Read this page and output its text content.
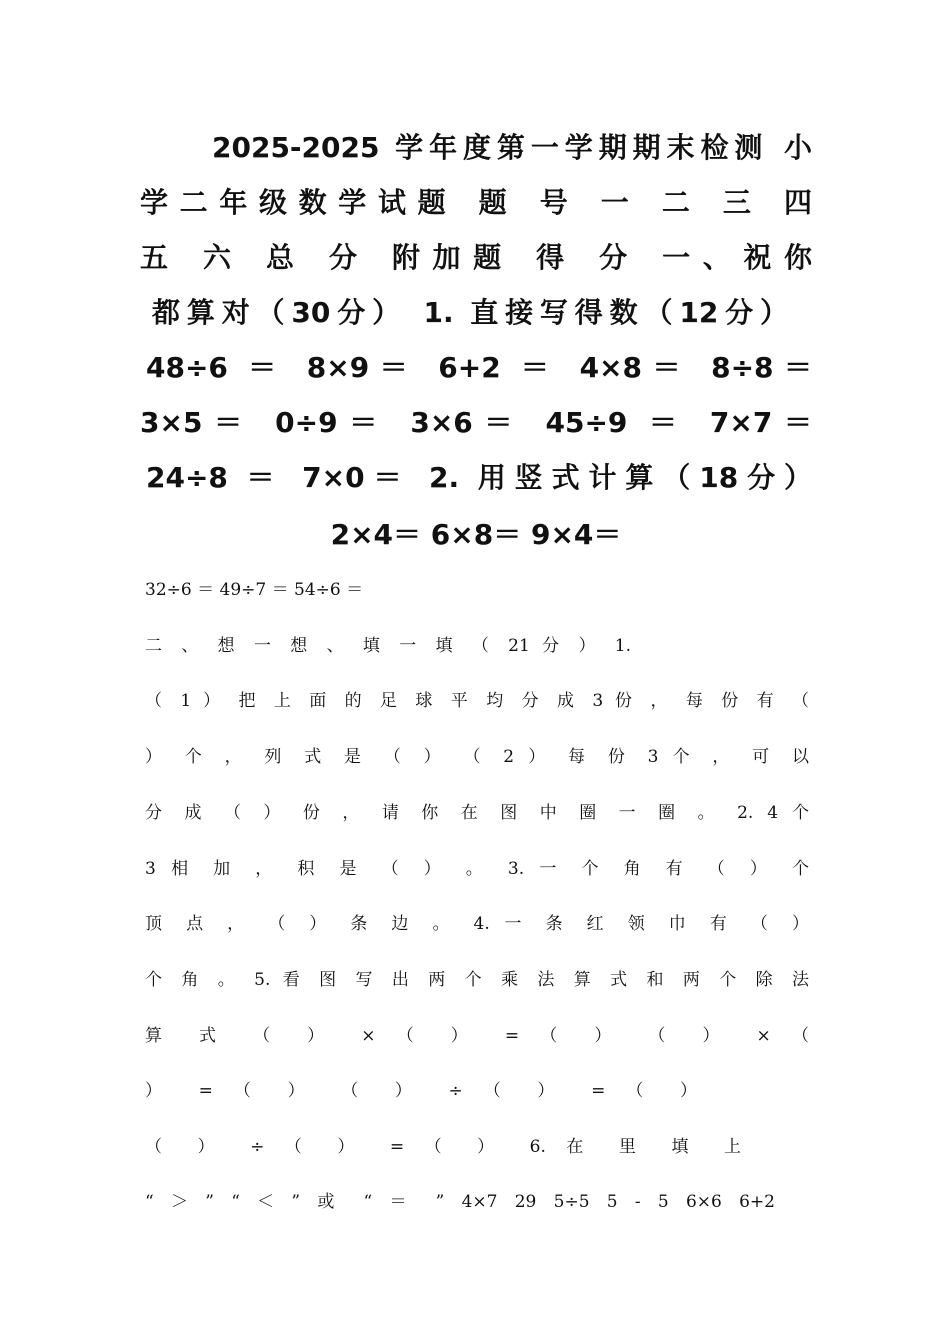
2025-2025 学年度第一学期期末检测 小
学二年级数学试题 题 号 一 二 三 四
五 六 总 分 附加题 得 分 一、祝你
都算对（30分） 1. 直接写得数（12分）
48÷6 ＝ 8×9＝ 6+2 ＝ 4×8＝ 8÷8＝
3×5＝ 0÷9＝ 3×6＝ 45÷9 ＝ 7×7＝
24÷8 ＝ 7×0＝ 2. 用竖式计算（18分）
2×4＝ 6×8＝ 9×4＝
32÷6 ＝ 49÷7 ＝ 54÷6 ＝
二 、 想 一 想 、 填 一 填 （ 21 分 ） 1.
（ 1 ） 把 上 面 的 足 球 平 均 分 成 3 份 ， 每 份 有 （
） 个 ， 列 式 是 （ ） （ 2 ） 每 份 3 个 ， 可 以
分 成 （ ） 份 ， 请 你 在 图 中 圈 一 圈 。 2. 4 个
3 相 加 ， 积 是 （ ） 。 3. 一 个 角 有 （ ） 个
顶 点 ， （ ） 条 边 。 4. 一 条 红 领 巾 有 （ ）
个 角 。 5. 看 图 写 出 两 个 乘 法 算 式 和 两 个 除 法
算 式 （ ） × （ ） = （ ） （ ） × （
） = （ ） （ ） ÷ （ ） = （ ）
（ ） ÷ （ ） = （ ） 6. 在 里 填 上
“ ＞ ” “ ＜ ” 或 “ ＝ ” 4×7 29 5÷5 5 - 5 6×6 6+2
